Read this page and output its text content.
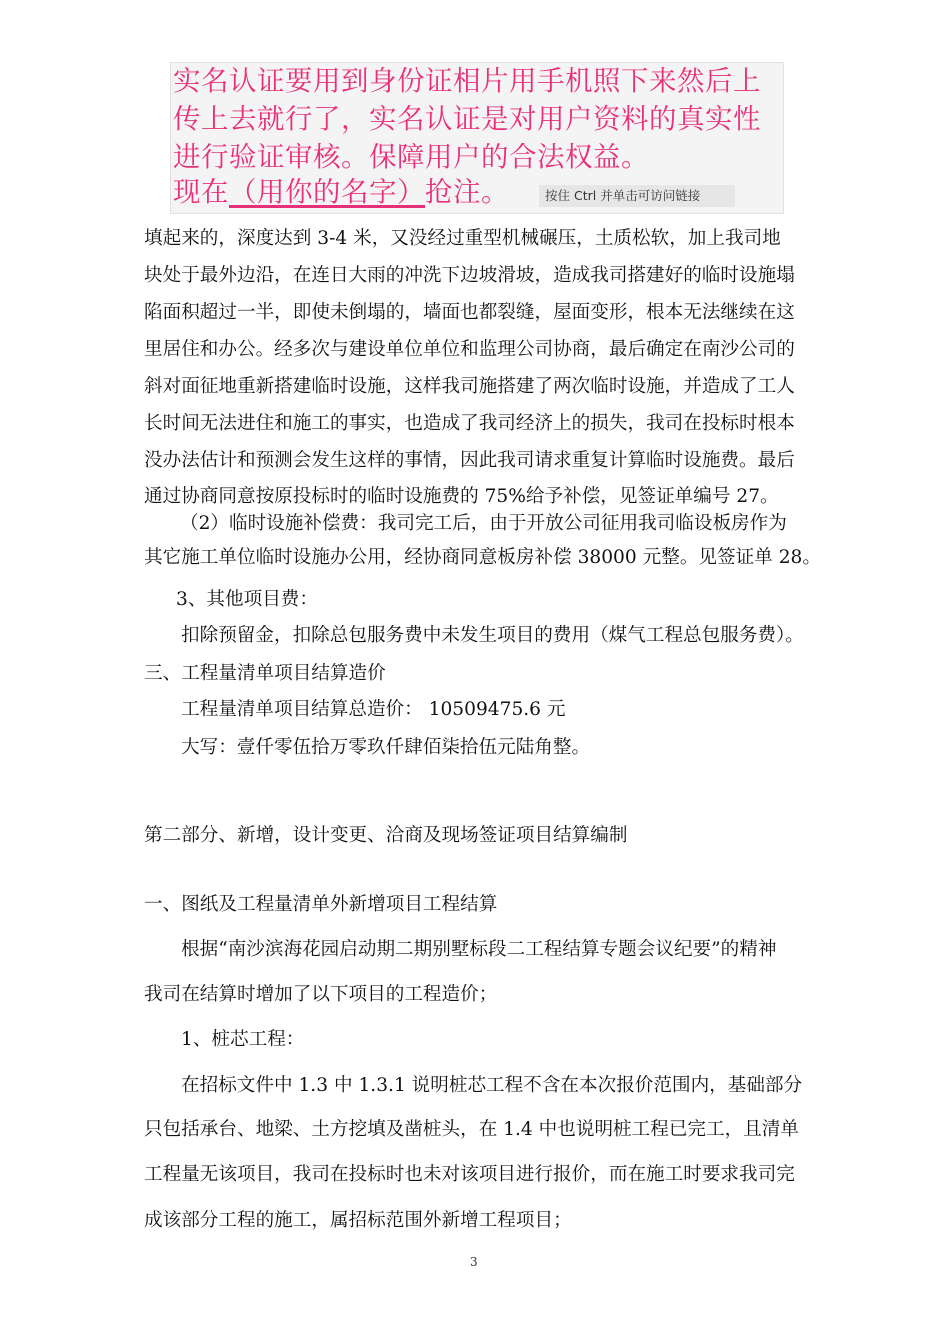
实名认证要用到身份证相片用手机照下来然后上
传上去就行了，实名认证是对用户资料的真实性
进行验证审核。保障用户的合法权益。
现在（用你的名字）抢注。	按住 Ctrl 并单击可访问链接
填起来的，深度达到 3-4 米，又没经过重型机械碾压，土质松软，加上我司地
块处于最外边沿，在连日大雨的冲洗下边坡滑坡，造成我司搭建好的临时设施塌
陷面积超过一半，即使未倒塌的，墙面也都裂缝，屋面变形，根本无法继续在这
里居住和办公。经多次与建设单位单位和监理公司协商，最后确定在南沙公司的
斜对面征地重新搭建临时设施，这样我司施搭建了两次临时设施，并造成了工人
长时间无法进住和施工的事实，也造成了我司经济上的损失，我司在投标时根本
没办法估计和预测会发生这样的事情，因此我司请求重复计算临时设施费。最后
通过协商同意按原投标时的临时设施费的 75%给予补偿，见签证单编号 27。
（2）临时设施补偿费：我司完工后，由于开放公司征用我司临设板房作为
其它施工单位临时设施办公用，经协商同意板房补偿 38000 元整。见签证单 28。
3、其他项目费：
扣除预留金，扣除总包服务费中未发生项目的费用（煤气工程总包服务费）。
三、工程量清单项目结算造价
工程量清单项目结算总造价： 10509475.6 元
大写：壹仟零伍拾万零玖仟肆佰柒拾伍元陆角整。
第二部分、新增，设计变更、洽商及现场签证项目结算编制
一、图纸及工程量清单外新增项目工程结算
根据“南沙滨海花园启动期二期别墅标段二工程结算专题会议纪要”的精神
我司在结算时增加了以下项目的工程造价；
1、桩芯工程：
在招标文件中 1.3 中 1.3.1 说明桩芯工程不含在本次报价范围内，基础部分
只包括承台、地梁、土方挖填及凿桩头，在 1.4 中也说明桩工程已完工，且清单
工程量无该项目，我司在投标时也未对该项目进行报价，而在施工时要求我司完
成该部分工程的施工，属招标范围外新增工程项目；
3
